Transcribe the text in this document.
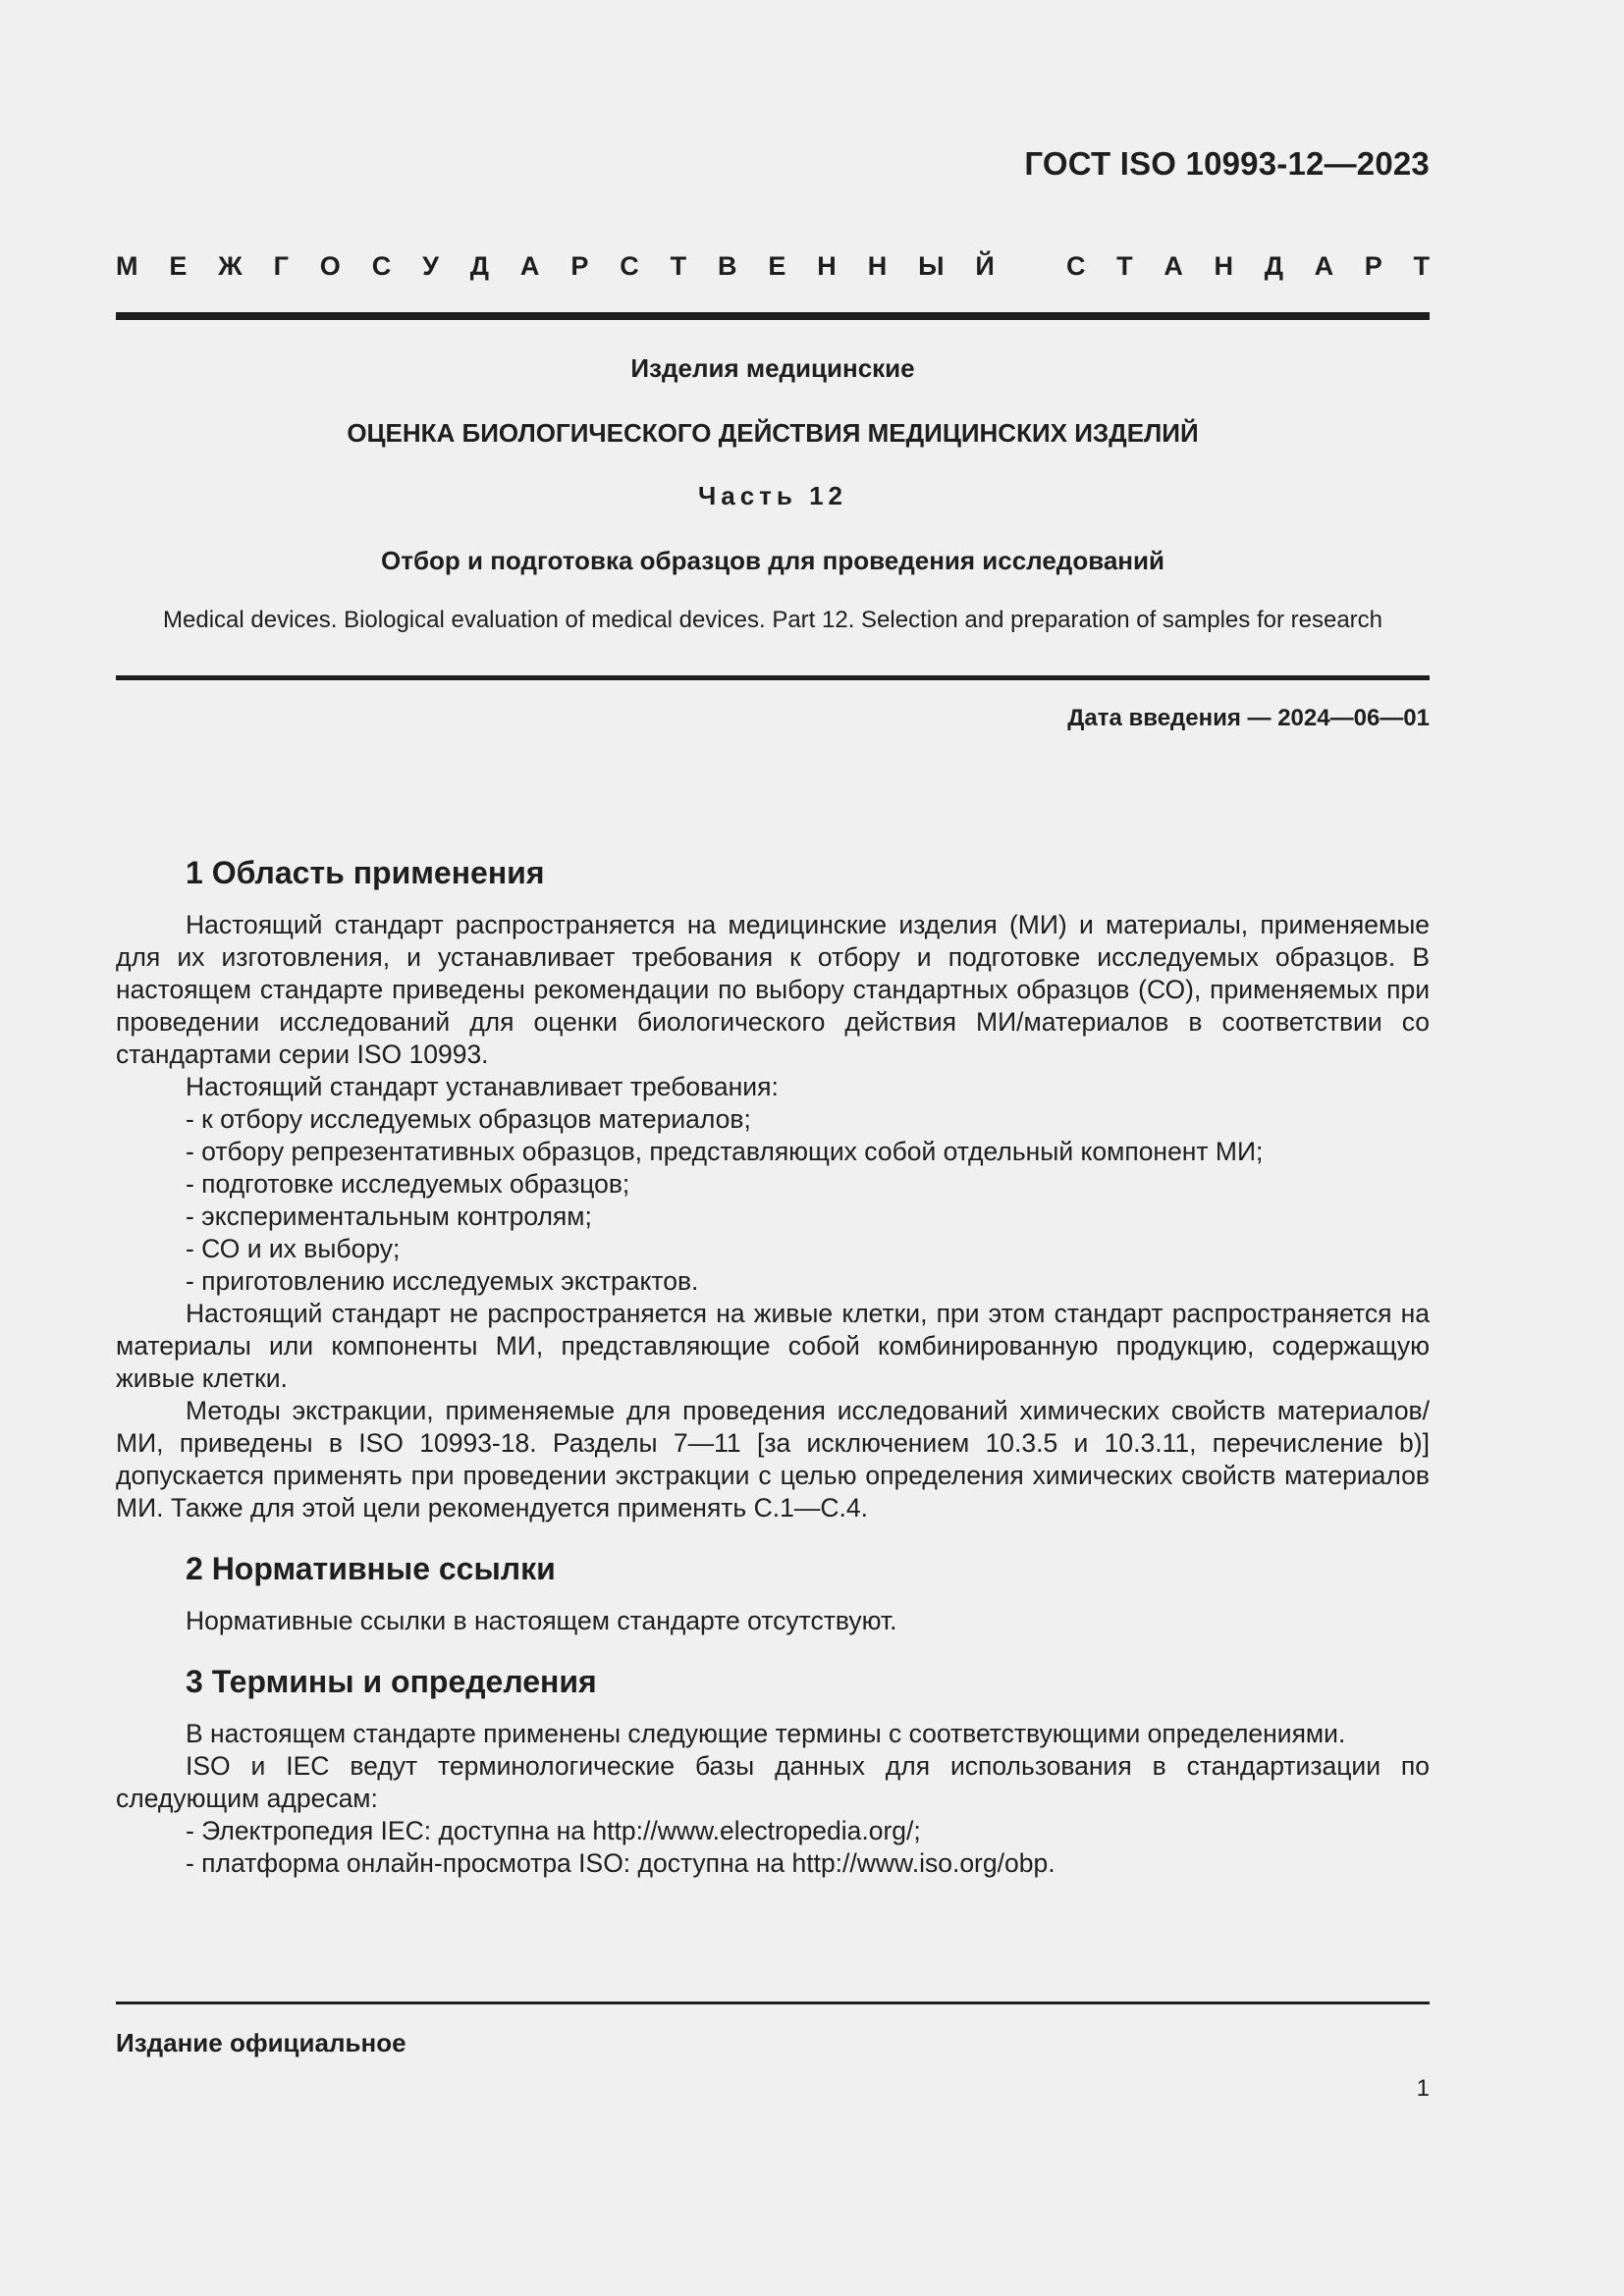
ГОСТ ISO 10993-12—2023
М Е Ж Г О С У Д А Р С Т В Е Н Н Ы Й	С Т А Н Д А Р Т
Изделия медицинские
ОЦЕНКА БИОЛОГИЧЕСКОГО ДЕЙСТВИЯ МЕДИЦИНСКИХ ИЗДЕЛИЙ
Часть 12
Отбор и подготовка образцов для проведения исследований
Medical devices. Biological evaluation of medical devices. Part 12. Selection and preparation of samples for research
Дата введения — 2024—06—01
1 Область применения

Настоящий стандарт распространяется на медицинские изделия (МИ) и материалы, применяемые для их изготовления, и устанавливает требования к отбору и подготовке исследуемых образцов. В настоящем стандарте приведены рекомендации по выбору стандартных образцов (СО), применяемых при проведении исследований для оценки биологического действия МИ/материалов в соответствии со стандартами серии ISO 10993.

Настоящий стандарт устанавливает требования:

- к отбору исследуемых образцов материалов;

- отбору репрезентативных образцов, представляющих собой отдельный компонент МИ;

- подготовке исследуемых образцов;

- экспериментальным контролям;

- СО и их выбору;

- приготовлению исследуемых экстрактов.

Настоящий стандарт не распространяется на живые клетки, при этом стандарт распространяется на материалы или компоненты МИ, представляющие собой комбинированную продукцию, содержащую живые клетки.

Методы экстракции, применяемые для проведения исследований химических свойств материалов/МИ, приведены в ISO 10993-18. Разделы 7—11 [за исключением 10.3.5 и 10.3.11, перечисление b)] допускается применять при проведении экстракции с целью определения химических свойств материалов МИ. Также для этой цели рекомендуется применять С.1—С.4.

2 Нормативные ссылки

Нормативные ссылки в настоящем стандарте отсутствуют.

3 Термины и определения

В настоящем стандарте применены следующие термины с соответствующими определениями.

ISO и IEC ведут терминологические базы данных для использования в стандартизации по следующим адресам:

- Электропедия IEC: доступна на http://www.electropedia.org/;

- платформа онлайн-просмотра ISO: доступна на http://www.iso.org/obp.

Издание официальное
1
